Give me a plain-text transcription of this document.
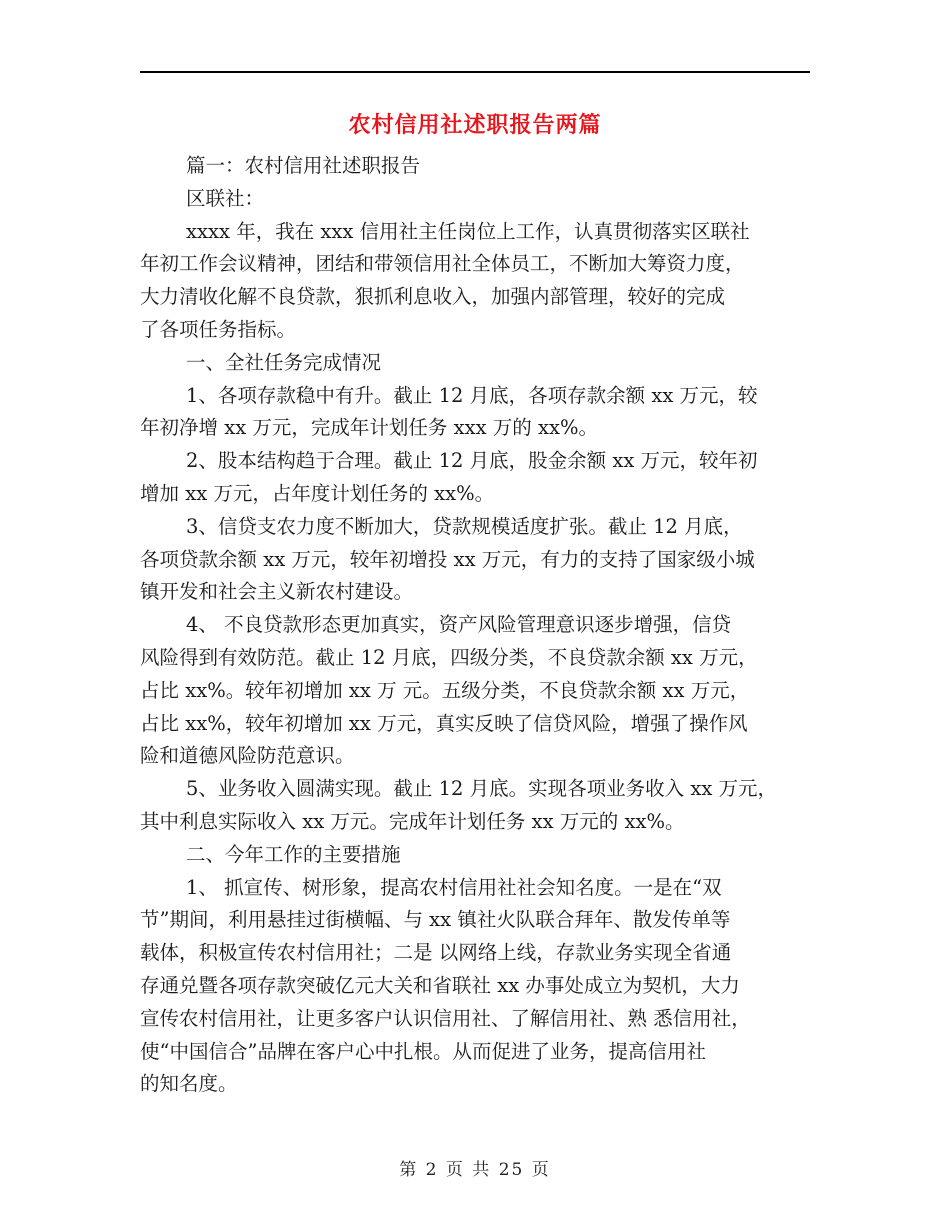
农村信用社述职报告两篇

篇一：农村信用社述职报告

区联社：

xxxx 年，我在 xxx 信用社主任岗位上工作，认真贯彻落实区联社
年初工作会议精神，团结和带领信用社全体员工，不断加大筹资力度，
大力清收化解不良贷款，狠抓利息收入，加强内部管理，较好的完成
了各项任务指标。

一、全社任务完成情况

1、各项存款稳中有升。截止 12 月底，各项存款余额 xx 万元，较
年初净增 xx 万元，完成年计划任务 xxx 万的 xx%。

2、股本结构趋于合理。截止 12 月底，股金余额 xx 万元，较年初
增加 xx 万元，占年度计划任务的 xx%。

3、信贷支农力度不断加大，贷款规模适度扩张。截止 12 月底，
各项贷款余额 xx 万元，较年初增投 xx 万元，有力的支持了国家级小城
镇开发和社会主义新农村建设。

4、 不良贷款形态更加真实，资产风险管理意识逐步增强，信贷
风险得到有效防范。截止 12 月底，四级分类，不良贷款余额 xx 万元，
占比 xx%。较年初增加 xx 万 元。五级分类，不良贷款余额 xx 万元，
占比 xx%，较年初增加 xx 万元，真实反映了信贷风险，增强了操作风
险和道德风险防范意识。

5、业务收入圆满实现。截止 12 月底。实现各项业务收入 xx 万元，
其中利息实际收入 xx 万元。完成年计划任务 xx 万元的 xx%。

二、今年工作的主要措施

1、 抓宣传、树形象，提高农村信用社社会知名度。一是在“双
节”期间，利用悬挂过街横幅、与 xx 镇社火队联合拜年、散发传单等
载体，积极宣传农村信用社；二是 以网络上线，存款业务实现全省通
存通兑暨各项存款突破亿元大关和省联社 xx 办事处成立为契机，大力
宣传农村信用社，让更多客户认识信用社、了解信用社、熟 悉信用社，
使“中国信合”品牌在客户心中扎根。从而促进了业务，提高信用社
的知名度。

第 2 页 共 25 页
